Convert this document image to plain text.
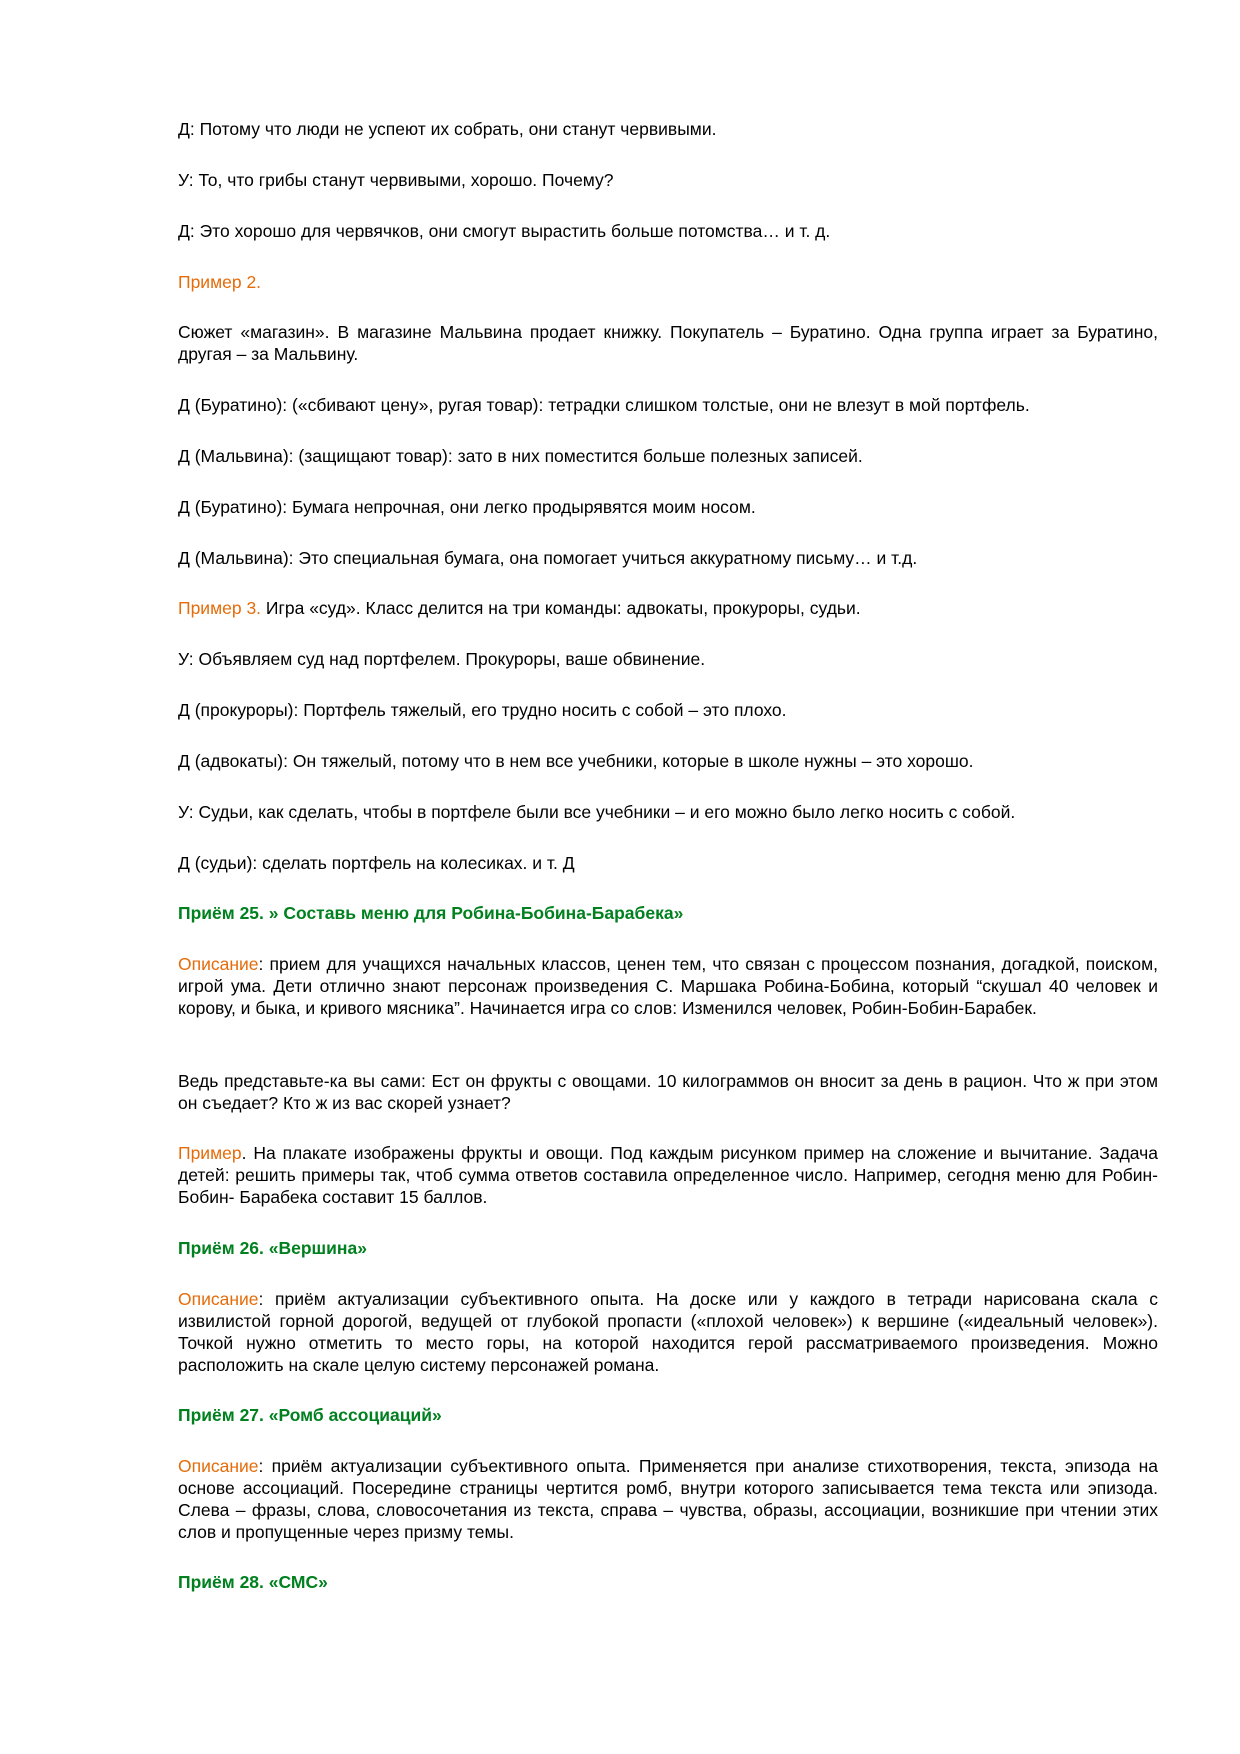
Д: Потому что люди не успеют их собрать, они станут червивыми.

У: То, что грибы станут червивыми, хорошо. Почему?

Д: Это хорошо для червячков, они смогут вырастить больше потомства… и т. д.

Пример 2.

Сюжет «магазин». В магазине Мальвина продает книжку. Покупатель – Буратино. Одна группа играет за Буратино, другая – за Мальвину.

Д (Буратино): («сбивают цену», ругая товар): тетрадки слишком толстые, они не влезут в мой портфель.

Д (Мальвина): (защищают товар): зато в них поместится больше полезных записей.

Д (Буратино): Бумага непрочная, они легко продырявятся моим носом.

Д (Мальвина): Это специальная бумага, она помогает учиться аккуратному письму… и т.д.

Пример 3. Игра «суд». Класс делится на три команды: адвокаты, прокуроры, судьи.

У: Объявляем суд над портфелем. Прокуроры, ваше обвинение.

Д (прокуроры): Портфель тяжелый, его трудно носить с собой – это плохо.

Д (адвокаты): Он тяжелый, потому что в нем все учебники, которые в школе нужны – это хорошо.

У: Судьи, как сделать, чтобы в портфеле были все учебники – и его можно было легко носить с собой.

Д (судьи): сделать портфель на колесиках. и т. Д

Приём 25. » Составь меню для Робина-Бобина-Барабека»

Описание: прием для учащихся начальных классов, ценен тем, что связан с процессом познания, догадкой, поиском, игрой ума. Дети отлично знают персонаж произведения С. Маршака Робина-Бобина, который “скушал 40 человек и корову, и быка, и кривого мясника”. Начинается игра со слов: Изменился человек, Робин-Бобин-Барабек.

Ведь представьте-ка вы сами: Ест он фрукты с овощами. 10 килограммов он вносит за день в рацион. Что ж при этом он съедает? Кто ж из вас скорей узнает?

Пример. На плакате изображены фрукты и овощи. Под каждым рисунком пример на сложение и вычитание. Задача детей: решить примеры так, чтоб сумма ответов составила определенное число. Например, сегодня меню для Робин-Бобин- Барабека составит 15 баллов.

Приём 26. «Вершина»

Описание: приём актуализации субъективного опыта. На доске или у каждого в тетради нарисована скала с извилистой горной дорогой, ведущей от глубокой пропасти («плохой человек») к вершине («идеальный человек»). Точкой нужно отметить то место горы, на которой находится герой рассматриваемого произведения. Можно расположить на скале целую систему персонажей романа.

Приём 27. «Ромб ассоциаций»

Описание: приём актуализации субъективного опыта. Применяется при анализе стихотворения, текста, эпизода на основе ассоциаций. Посередине страницы чертится ромб, внутри которого записывается тема текста или эпизода. Слева – фразы, слова, словосочетания из текста, справа – чувства, образы, ассоциации, возникшие при чтении этих слов и пропущенные через призму темы.

Приём 28. «СМС»
